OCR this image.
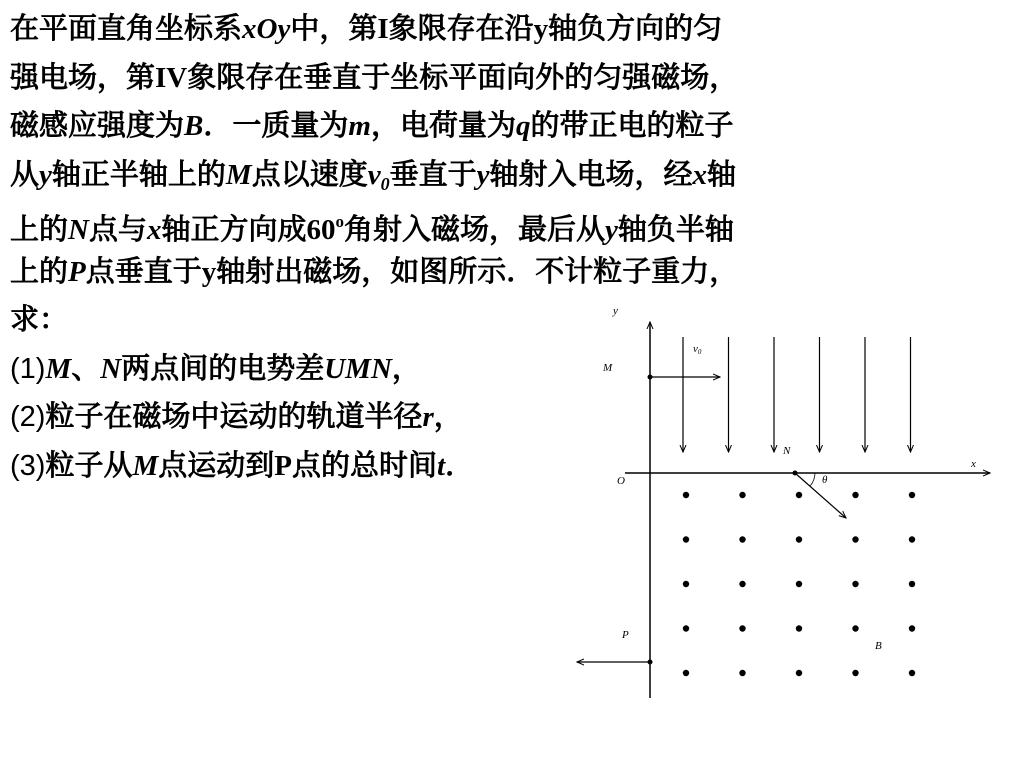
在平面直角坐标系xOy中，第I象限存在沿y轴负方向的匀
强电场，第IV象限存在垂直于坐标平面向外的匀强磁场，
磁感应强度为B．一质量为m，电荷量为q的带正电的粒子
从y轴正半轴上的M点以速度$v_0$垂直于y轴射入电场，经x轴
上的N点与x轴正方向成60$^o$角射入磁场，最后从y轴负半轴
上的P点垂直于y轴射出磁场，如图所示．不计粒子重力，
求：
(1)M、N两点间的电势差UMN，
(2)粒子在磁场中运动的轨道半径r，
(3)粒子从M点运动到P点的总时间t．
y
x
O
M
v0
N
θ
B
P
